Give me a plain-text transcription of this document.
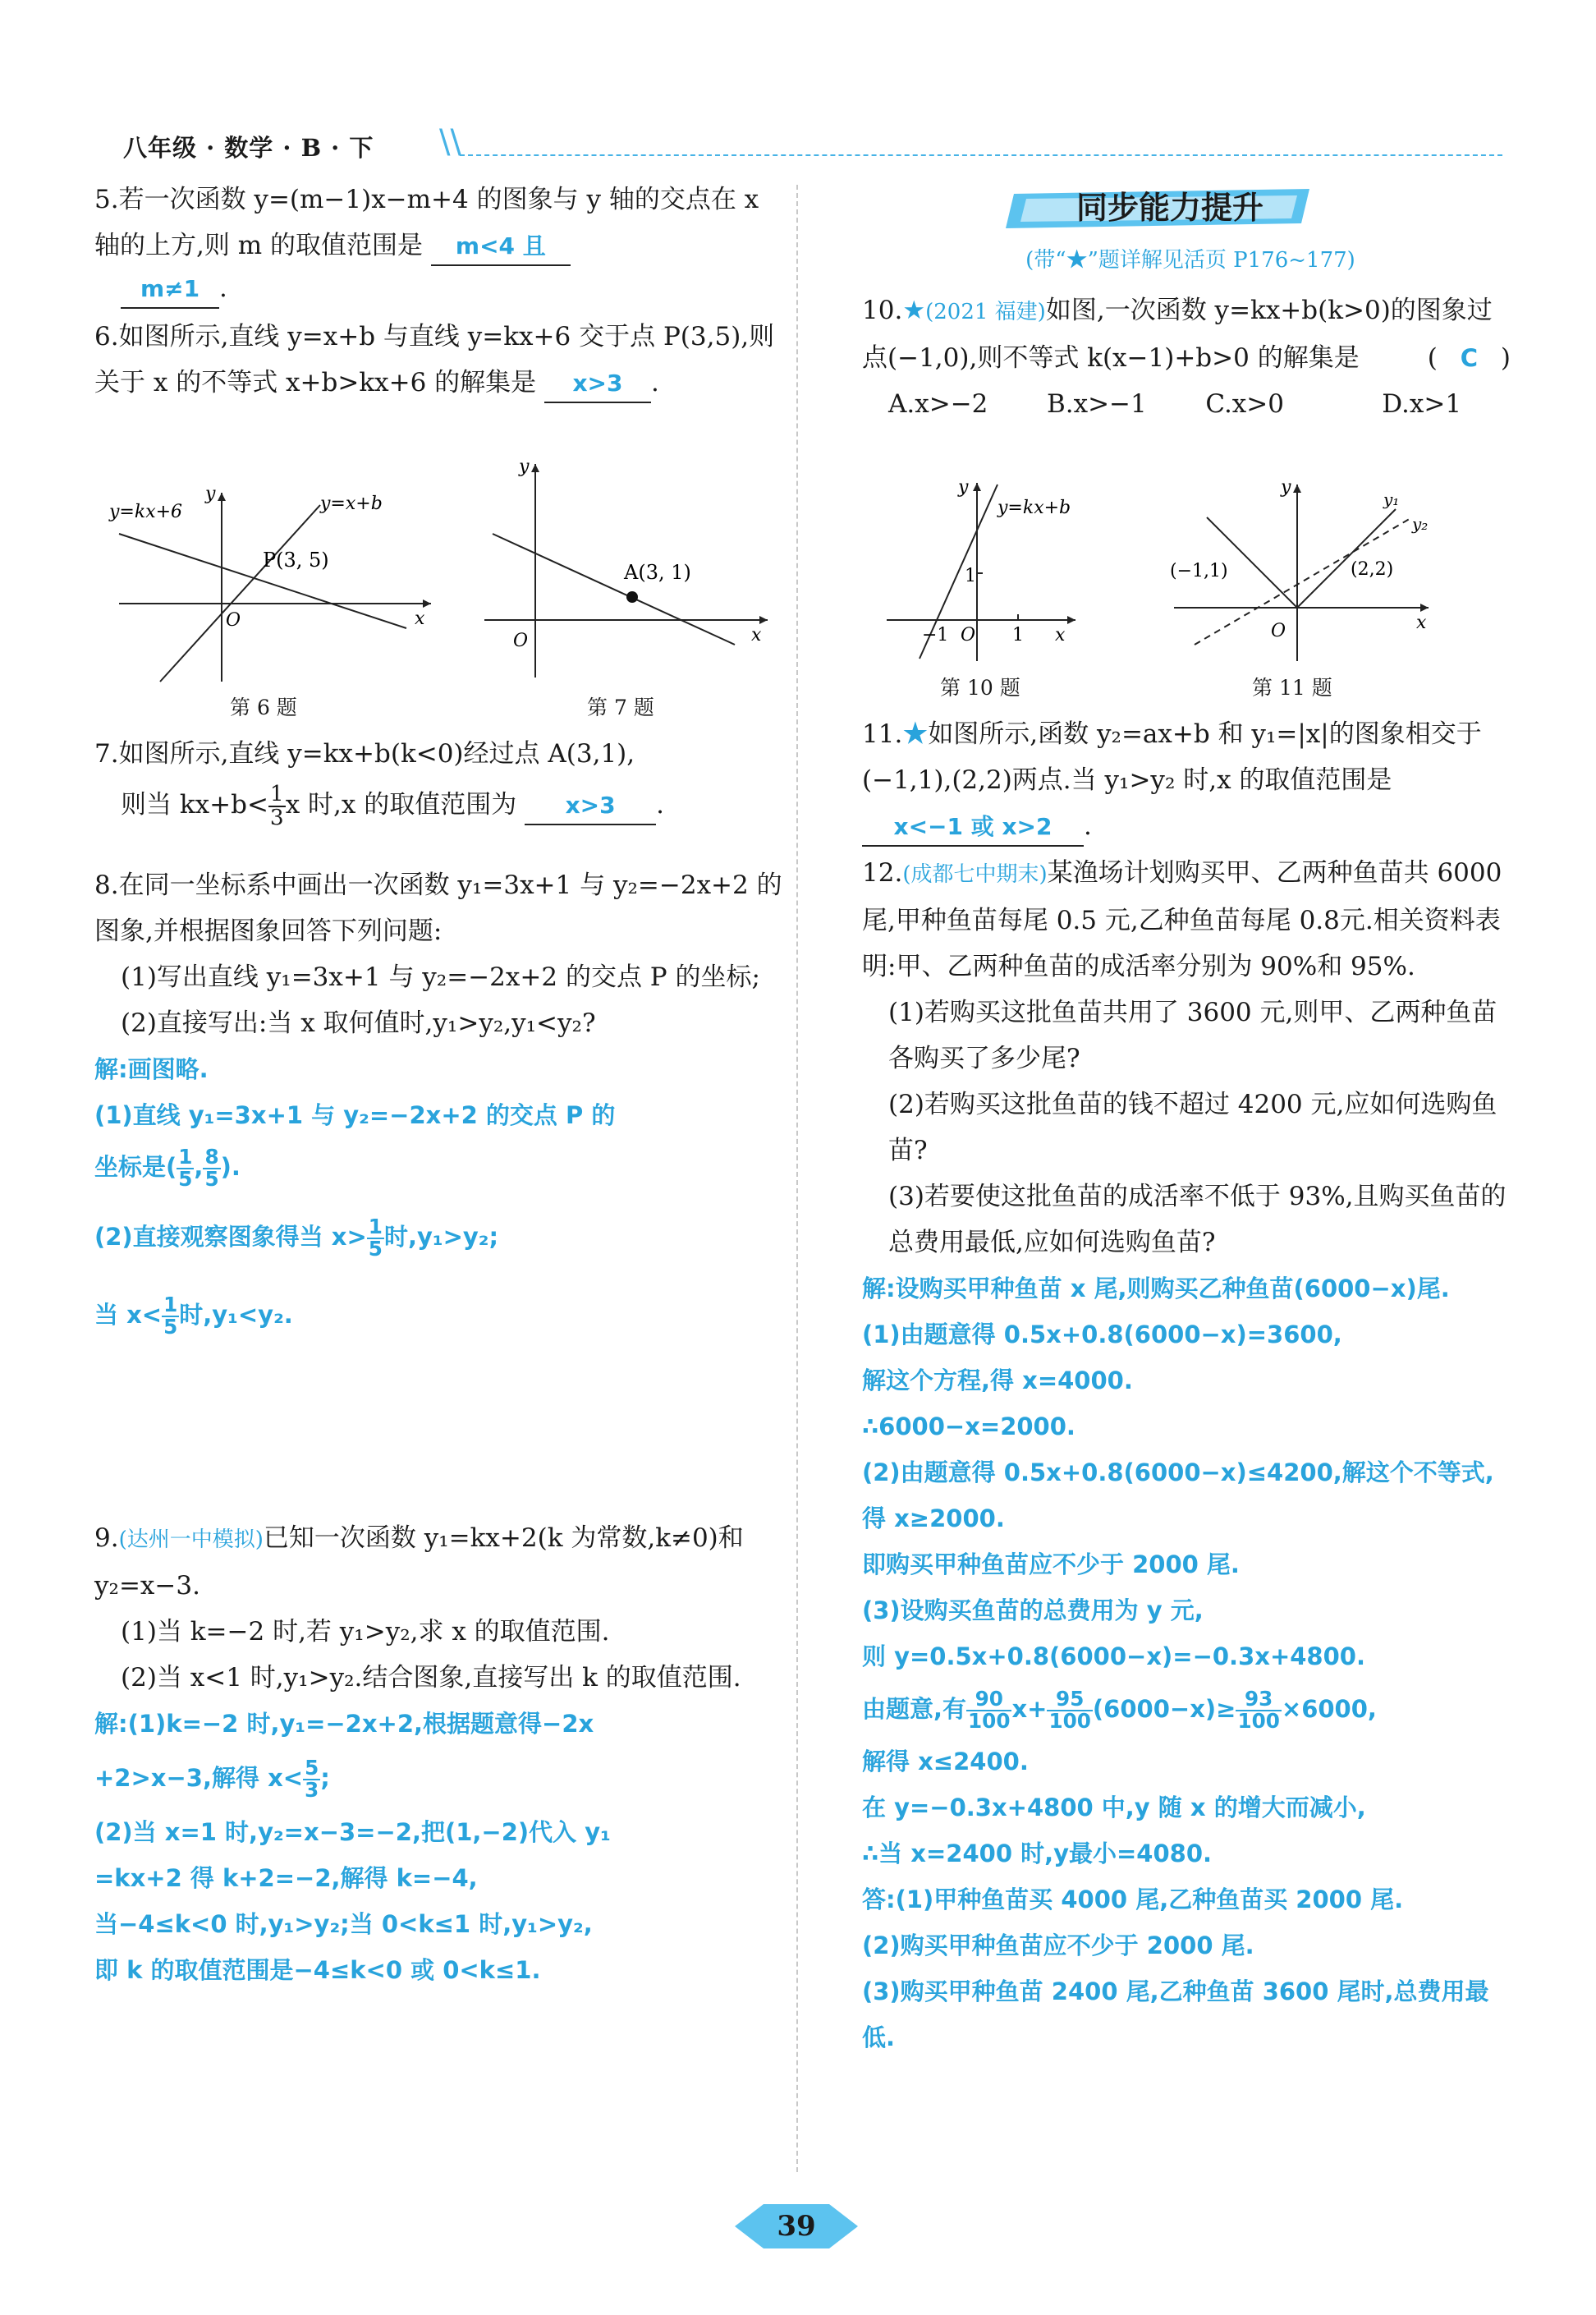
八年级 · 数学 · B · 下 \\

5.若一次函数 y=(m−1)x−m+4 的图象与 y 轴的交点在 x 轴的上方,则 m 的取值范围是 m<4 且

m≠1 .

6.如图所示,直线 y=x+b 与直线 y=kx+6 交于点 P(3,5),则关于 x 的不等式 x+b>kx+6 的解集是 x>3 .

y=kx+6	y=x+b
P(3, 5)
y
x
O
第 6 题
A(3, 1)
y
x
O
第 7 题

7.如图所示,直线 y=kx+b(k<0)经过点 A(3,1),

则当 $kx+b< \frac{1}{3}$ x 时,x 的取值范围为 x>3 .

8.在同一坐标系中画出一次函数 y₁=3x+1 与 y₂=−2x+2 的图象,并根据图象回答下列问题:

(1)写出直线 y₁=3x+1 与 y₂=−2x+2 的交点 P 的坐标;

(2)直接写出:当 x 取何值时,y₁>y₂,y₁<y₂?

解:画图略.

(1)直线 y₁=3x+1 与 y₂=−2x+2 的交点 P 的

坐标是( $\frac{1}{5}$ , $\frac{8}{5}$ ).

(2)直接观察图象得当 $x> \frac{1}{5}$ 时,y₁>y₂;

当 $x< \frac{1}{5}$ 时,y₁<y₂.

9.(达州一中模拟)已知一次函数 y₁=kx+2(k 为常数,k≠0)和 y₂=x−3.

(1)当 k=−2 时,若 y₁>y₂,求 x 的取值范围.

(2)当 x<1 时,y₁>y₂.结合图象,直接写出 k 的取值范围.

解:(1)k=−2 时,y₁=−2x+2,根据题意得−2x

+2>x−3,解得 $x< \frac{5}{3}$ ;

(2)当 x=1 时,y₂=x−3=−2,把(1,−2)代入 y₁

=kx+2 得 k+2=−2,解得 k=−4,

当−4≤k<0 时,y₁>y₂;当 0<k≤1 时,y₁>y₂,

即 k 的取值范围是−4≤k<0 或 0<k≤1.

同步能力提升
(带“★”题详解见活页 P176~177)

10.★(2021 福建)如图,一次函数 y=kx+b(k>0)的图象过点(−1,0),则不等式 k(x−1)+b>0 的解集是	( C )

A.x>−2 B.x>−1 C.x>0	D.x>1

y=kx+b
1
−1 O 1 x
y
第 10 题
y₁
y₂
(−1,1)	(2,2)
y
x
O
第 11 题

11.★如图所示,函数 y₂=ax+b 和 y₁=|x|的图象相交于(−1,1),(2,2)两点.当 y₁>y₂ 时,x 的取值范围是 x<−1 或 x>2 .

12.(成都七中期末)某渔场计划购买甲、乙两种鱼苗共 6000 尾,甲种鱼苗每尾 0.5 元,乙种鱼苗每尾 0.8元.相关资料表明:甲、乙两种鱼苗的成活率分别为 90%和 95%.

(1)若购买这批鱼苗共用了 3600 元,则甲、乙两种鱼苗各购买了多少尾?

(2)若购买这批鱼苗的钱不超过 4200 元,应如何选购鱼苗?

(3)若要使这批鱼苗的成活率不低于 93%,且购买鱼苗的总费用最低,应如何选购鱼苗?

解:设购买甲种鱼苗 x 尾,则购买乙种鱼苗(6000−x)尾.

(1)由题意得 0.5x+0.8(6000−x)=3600,

解这个方程,得 x=4000.

∴6000−x=2000.

(2)由题意得 0.5x+0.8(6000−x)≤4200,解这个不等式,得 x≥2000.

即购买甲种鱼苗应不少于 2000 尾.

(3)设购买鱼苗的总费用为 y 元,

则 y=0.5x+0.8(6000−x)=−0.3x+4800.

由题意,有 $\frac{90}{100} x+ \frac{95}{100} (6000-x)\ge \frac{93}{100} \times 6000$,

解得 x≤2400.

在 y=−0.3x+4800 中,y 随 x 的增大而减小,

∴当 x=2400 时,y最小=4080.

答:(1)甲种鱼苗买 4000 尾,乙种鱼苗买 2000 尾.

(2)购买甲种鱼苗应不少于 2000 尾.

(3)购买甲种鱼苗 2400 尾,乙种鱼苗 3600 尾时,总费用最低.

39
